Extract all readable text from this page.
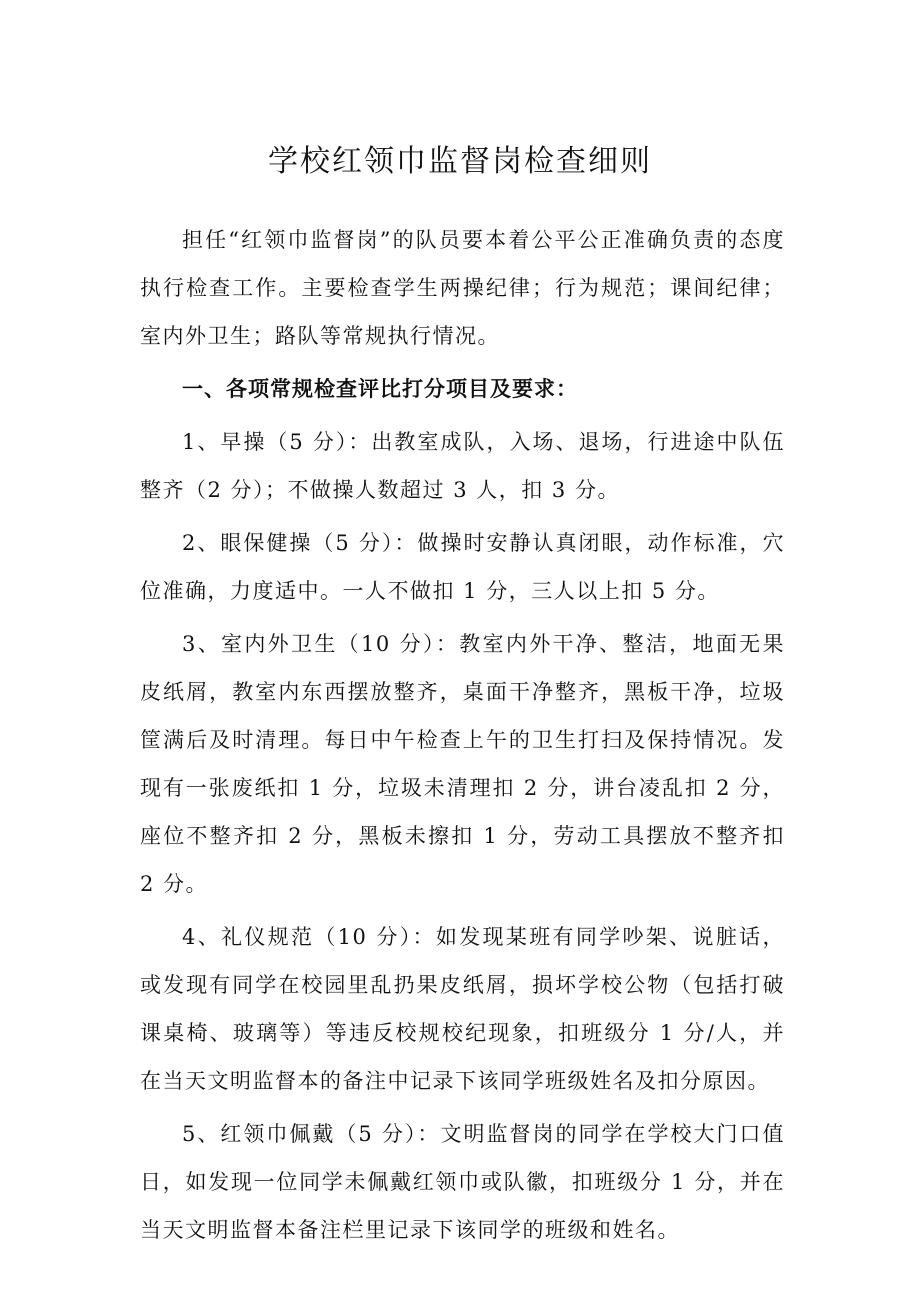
学校红领巾监督岗检查细则

担任“红领巾监督岗”的队员要本着公平公正准确负责的态度执行检查工作。主要检查学生两操纪律；行为规范；课间纪律；室内外卫生；路队等常规执行情况。

一、各项常规检查评比打分项目及要求：

1、早操（5 分）：出教室成队，入场、退场，行进途中队伍整齐（2 分）；不做操人数超过 3 人，扣 3 分。

2、眼保健操（5 分）：做操时安静认真闭眼，动作标准，穴位准确，力度适中。一人不做扣 1 分，三人以上扣 5 分。

3、室内外卫生（10 分）：教室内外干净、整洁，地面无果皮纸屑，教室内东西摆放整齐，桌面干净整齐，黑板干净，垃圾筐满后及时清理。每日中午检查上午的卫生打扫及保持情况。发现有一张废纸扣 1 分，垃圾未清理扣 2 分，讲台凌乱扣 2 分，座位不整齐扣 2 分，黑板未擦扣 1 分，劳动工具摆放不整齐扣 2 分。

4、礼仪规范（10 分）：如发现某班有同学吵架、说脏话，或发现有同学在校园里乱扔果皮纸屑，损坏学校公物（包括打破课桌椅、玻璃等）等违反校规校纪现象，扣班级分 1 分/人，并在当天文明监督本的备注中记录下该同学班级姓名及扣分原因。

5、红领巾佩戴（5 分）：文明监督岗的同学在学校大门口值日，如发现一位同学未佩戴红领巾或队徽，扣班级分 1 分，并在当天文明监督本备注栏里记录下该同学的班级和姓名。
